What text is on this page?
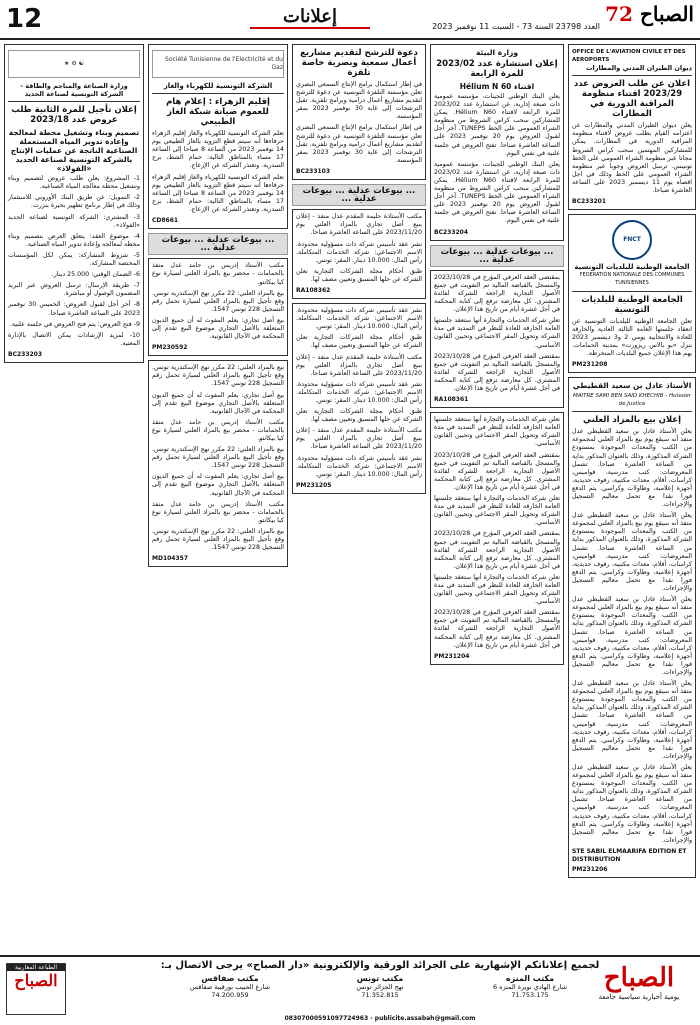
12	إعلانات	الصباح 72
العدد 23798 السنة 73 - السبت 11 نوفمبر 2023
OFFICE DE L'AVIATION CIVILE ET DES AEROPORTS
ديوان الطيران المدني والمطارات
اعلان عن طلب العروض عدد 2023/29 اقتناء منظومة المراقبة الدورية في المطارات

يعلن ديوان الطيران المدني والمطارات عن اعتزامه القيام بطلب عروض لاقتناء منظومة المراقبة الدورية في المطارات. يمكن للمشاركين المهتمين سحب كراس الشروط مجانا عبر منظومة الشراء العمومي على الخط تونيبس. ترسل العروض وجوبا عبر منظومة الشراء العمومي على الخط وذلك في اجل اقصاه يوم 11 ديسمبر 2023 على الساعة العاشرة صباحا.

BC233201
FNCT
الجامعة الوطنية للبلديات التونسية
FEDERATION NATIONALE DES COMMUNES TUNISIENNES
الجامعة الوطنية للبلديات التونسية

تعلن الجامعة الوطنية للبلديات التونسية عن انعقاد جلستها العامة الثالثة العادية والخارقة للعادة والانتخابية يومي 2 و3 ديسمبر 2023 بنزل «بو بالاس ريزورت» بمدينة الحمامات. يهم هذا الإعلان جميع البلديات المنخرطة.

PM231208
الأستاذ عادل بن سعيد القطيطي
MAITRE SAMI BEN SAID KHECHIB - Huissier de Justice
إعلان بيع بالمزاد العلني

يعلن الأستاذ عادل بن سعيد القطيطي عدل منفذ أنه سيقع يوم بيع بالمزاد العلني لمجموعة من الكتب والمعدات الموجودة بمستودع الشركة المذكورة، وذلك بالعنوان المذكور بداية من الساعة العاشرة صباحا. تشمل المعروضات: كتب مدرسية، قواميس، كراسات، أقلام، معدات مكتبية، رفوف حديدية، أجهزة إعلامية، وطاولات وكراسي. يتم الدفع فورا نقدا مع تحمل معاليم التسجيل والإجراءات.

يعلن الأستاذ عادل بن سعيد القطيطي عدل منفذ أنه سيقع يوم بيع بالمزاد العلني لمجموعة من الكتب والمعدات الموجودة بمستودع الشركة المذكورة، وذلك بالعنوان المذكور بداية من الساعة العاشرة صباحا. تشمل المعروضات: كتب مدرسية، قواميس، كراسات، أقلام، معدات مكتبية، رفوف حديدية، أجهزة إعلامية، وطاولات وكراسي. يتم الدفع فورا نقدا مع تحمل معاليم التسجيل والإجراءات.

يعلن الأستاذ عادل بن سعيد القطيطي عدل منفذ أنه سيقع يوم بيع بالمزاد العلني لمجموعة من الكتب والمعدات الموجودة بمستودع الشركة المذكورة، وذلك بالعنوان المذكور بداية من الساعة العاشرة صباحا. تشمل المعروضات: كتب مدرسية، قواميس، كراسات، أقلام، معدات مكتبية، رفوف حديدية، أجهزة إعلامية، وطاولات وكراسي. يتم الدفع فورا نقدا مع تحمل معاليم التسجيل والإجراءات.

يعلن الأستاذ عادل بن سعيد القطيطي عدل منفذ أنه سيقع يوم بيع بالمزاد العلني لمجموعة من الكتب والمعدات الموجودة بمستودع الشركة المذكورة، وذلك بالعنوان المذكور بداية من الساعة العاشرة صباحا. تشمل المعروضات: كتب مدرسية، قواميس، كراسات، أقلام، معدات مكتبية، رفوف حديدية، أجهزة إعلامية، وطاولات وكراسي. يتم الدفع فورا نقدا مع تحمل معاليم التسجيل والإجراءات.

يعلن الأستاذ عادل بن سعيد القطيطي عدل منفذ أنه سيقع يوم بيع بالمزاد العلني لمجموعة من الكتب والمعدات الموجودة بمستودع الشركة المذكورة، وذلك بالعنوان المذكور بداية من الساعة العاشرة صباحا. تشمل المعروضات: كتب مدرسية، قواميس، كراسات، أقلام، معدات مكتبية، رفوف حديدية، أجهزة إعلامية، وطاولات وكراسي. يتم الدفع فورا نقدا مع تحمل معاليم التسجيل والإجراءات.

STE SABIL ELMAARIFA EDITION ET DISTRIBUTION
PM231206
وزارة البيئة
إعلان استشارة عدد 2023/02 للمرة الرابعة
اقتناء 60 Hélium N

يعلن البنك الوطني للجينات، مؤسسة عمومية ذات صبغة إدارية، عن استشارة عدد 2023/02 للمرة الرابعة لاقتناء Hélium N60. يمكن للمشاركين سحب كراس الشروط من منظومة الشراء العمومي على الخط TUNEPS. آخر أجل لقبول العروض يوم 20 نوفمبر 2023 على الساعة العاشرة صباحا. تفتح العروض في جلسة علنية في نفس اليوم.

يعلن البنك الوطني للجينات، مؤسسة عمومية ذات صبغة إدارية، عن استشارة عدد 2023/02 للمرة الرابعة لاقتناء Hélium N60. يمكن للمشاركين سحب كراس الشروط من منظومة الشراء العمومي على الخط TUNEPS. آخر أجل لقبول العروض يوم 20 نوفمبر 2023 على الساعة العاشرة صباحا. تفتح العروض في جلسة علنية في نفس اليوم.

BC233204
... بيوعات عدلية ... بيوعات عدلية ...

بمقتضى العقد العرفي المؤرخ في 2023/10/28 والمسجل بالقباضة المالية تم التفويت في جميع الأصول التجارية الراجعة للشركة لفائدة المشتري. كل معارضة ترفع إلى كتابة المحكمة في أجل عشرة أيام من تاريخ هذا الإعلان.

تعلن شركة الخدمات والتجارة أنها ستعقد جلستها العامة الخارقة للعادة للنظر في التمديد في مدة الشركة وتحويل المقر الاجتماعي وتحيين القانون الأساسي.

بمقتضى العقد العرفي المؤرخ في 2023/10/28 والمسجل بالقباضة المالية تم التفويت في جميع الأصول التجارية الراجعة للشركة لفائدة المشتري. كل معارضة ترفع إلى كتابة المحكمة في أجل عشرة أيام من تاريخ هذا الإعلان.

RA108361

تعلن شركة الخدمات والتجارة أنها ستعقد جلستها العامة الخارقة للعادة للنظر في التمديد في مدة الشركة وتحويل المقر الاجتماعي وتحيين القانون الأساسي.

بمقتضى العقد العرفي المؤرخ في 2023/10/28 والمسجل بالقباضة المالية تم التفويت في جميع الأصول التجارية الراجعة للشركة لفائدة المشتري. كل معارضة ترفع إلى كتابة المحكمة في أجل عشرة أيام من تاريخ هذا الإعلان.

تعلن شركة الخدمات والتجارة أنها ستعقد جلستها العامة الخارقة للعادة للنظر في التمديد في مدة الشركة وتحويل المقر الاجتماعي وتحيين القانون الأساسي.

بمقتضى العقد العرفي المؤرخ في 2023/10/28 والمسجل بالقباضة المالية تم التفويت في جميع الأصول التجارية الراجعة للشركة لفائدة المشتري. كل معارضة ترفع إلى كتابة المحكمة في أجل عشرة أيام من تاريخ هذا الإعلان.

تعلن شركة الخدمات والتجارة أنها ستعقد جلستها العامة الخارقة للعادة للنظر في التمديد في مدة الشركة وتحويل المقر الاجتماعي وتحيين القانون الأساسي.

بمقتضى العقد العرفي المؤرخ في 2023/10/28 والمسجل بالقباضة المالية تم التفويت في جميع الأصول التجارية الراجعة للشركة لفائدة المشتري. كل معارضة ترفع إلى كتابة المحكمة في أجل عشرة أيام من تاريخ هذا الإعلان.

PM231204
دعوة للترشح لتقديم مشاريع أعمال سمعية وبصرية خاصة تلفزة

في إطار استكمال برامج الإنتاج السمعي البصري تعلن مؤسسة التلفزة التونسية عن دعوة للترشح لتقديم مشاريع أعمال درامية وبرامج تلفزية. تقبل الترشحات إلى غاية 30 نوفمبر 2023 بمقر المؤسسة.

في إطار استكمال برامج الإنتاج السمعي البصري تعلن مؤسسة التلفزة التونسية عن دعوة للترشح لتقديم مشاريع أعمال درامية وبرامج تلفزية. تقبل الترشحات إلى غاية 30 نوفمبر 2023 بمقر المؤسسة.

BC233103
... بيوعات عدلية ... بيوعات عدلية ...

مكتب الأستاذة حليمة المقدم عدل منفذ - إعلان ببيع أصل تجاري بالمزاد العلني يوم 2023/11/20 على الساعة العاشرة صباحا.

نشر عقد تأسيس شركة ذات مسؤولية محدودة. الاسم الاجتماعي: شركة الخدمات المتكاملة. رأس المال: 10.000 دينار. المقر: تونس.

طبق أحكام مجلة الشركات التجارية تعلن الشركة عن حلها المسبق وتعيين مصف لها.

RA108362

نشر عقد تأسيس شركة ذات مسؤولية محدودة. الاسم الاجتماعي: شركة الخدمات المتكاملة. رأس المال: 10.000 دينار. المقر: تونس.

طبق أحكام مجلة الشركات التجارية تعلن الشركة عن حلها المسبق وتعيين مصف لها.

مكتب الأستاذة حليمة المقدم عدل منفذ - إعلان ببيع أصل تجاري بالمزاد العلني يوم 2023/11/20 على الساعة العاشرة صباحا.

نشر عقد تأسيس شركة ذات مسؤولية محدودة. الاسم الاجتماعي: شركة الخدمات المتكاملة. رأس المال: 10.000 دينار. المقر: تونس.

طبق أحكام مجلة الشركات التجارية تعلن الشركة عن حلها المسبق وتعيين مصف لها.

مكتب الأستاذة حليمة المقدم عدل منفذ - إعلان ببيع أصل تجاري بالمزاد العلني يوم 2023/11/20 على الساعة العاشرة صباحا.

نشر عقد تأسيس شركة ذات مسؤولية محدودة. الاسم الاجتماعي: شركة الخدمات المتكاملة. رأس المال: 10.000 دينار. المقر: تونس.

PM231205
Société Tunisienne de l'Electricité et du Gaz
الشركة التونسية للكهرباء والغاز
إقليم الزهراء : إعلام هام للعموم صيانة شبكة الغاز الطبيعي

تعلم الشركة التونسية للكهرباء والغاز إقليم الزهراء حرفاءها أنه سيتم قطع التزويد بالغاز الطبيعي يوم 14 نوفمبر 2023 من الساعة 8 صباحا إلى الساعة 17 مساء بالمناطق التالية: حمام الشط، برج السدرية. وتعتذر الشركة عن الإزعاج.

تعلم الشركة التونسية للكهرباء والغاز إقليم الزهراء حرفاءها أنه سيتم قطع التزويد بالغاز الطبيعي يوم 14 نوفمبر 2023 من الساعة 8 صباحا إلى الساعة 17 مساء بالمناطق التالية: حمام الشط، برج السدرية. وتعتذر الشركة عن الإزعاج.

CD8661
... بيوعات عدلية ... بيوعات عدلية ...

مكتب الأستاذ إدريس بن حامد عدل منفذ بالحمامات - محضر بيع بالمزاد العلني لسيارة نوع كيا بيكانتو.

بيع بالمزاد العلني: 22 مكرر نهج الإسكندرية تونس. وقع تأجيل البيع بالمزاد العلني لسيارة تحمل رقم التسجيل 228 تونس 1547.

بيع أصل تجاري: يعلم المفوت له أن جميع الديون المتعلقة بالأصل التجاري موضوع البيع تقدم إلى المحكمة في الآجال القانونية.

PM230592

بيع بالمزاد العلني: 22 مكرر نهج الإسكندرية تونس. وقع تأجيل البيع بالمزاد العلني لسيارة تحمل رقم التسجيل 228 تونس 1547.

بيع أصل تجاري: يعلم المفوت له أن جميع الديون المتعلقة بالأصل التجاري موضوع البيع تقدم إلى المحكمة في الآجال القانونية.

مكتب الأستاذ إدريس بن حامد عدل منفذ بالحمامات - محضر بيع بالمزاد العلني لسيارة نوع كيا بيكانتو.

بيع بالمزاد العلني: 22 مكرر نهج الإسكندرية تونس. وقع تأجيل البيع بالمزاد العلني لسيارة تحمل رقم التسجيل 228 تونس 1547.

بيع أصل تجاري: يعلم المفوت له أن جميع الديون المتعلقة بالأصل التجاري موضوع البيع تقدم إلى المحكمة في الآجال القانونية.

مكتب الأستاذ إدريس بن حامد عدل منفذ بالحمامات - محضر بيع بالمزاد العلني لسيارة نوع كيا بيكانتو.

بيع بالمزاد العلني: 22 مكرر نهج الإسكندرية تونس. وقع تأجيل البيع بالمزاد العلني لسيارة تحمل رقم التسجيل 228 تونس 1547.

MD104357
☯ ⚙ ★
وزارة الصناعة والمناجم والطاقة - الشركة التونسية لصناعة الحديد
إعلان تأجيل للمرة الثانية طلب عروض عدد 2023/18
تصميم وبناء وتشغيل محطة لمعالجة وإعادة تدوير المياه المستعملة الصناعية الناتجة عن عمليات الإنتاج بالشركة التونسية لصناعة الحديد «الفولاذ»

1- المشروع: يعلن طلب عروض لتصميم وبناء وتشغيل محطة معالجة المياه الصناعية.

2- التمويل: عن طريق البنك الأوروبي للاستثمار وذلك في إطار برنامج تطهير بحيرة بنزرت.

3- المشتري: الشركة التونسية لصناعة الحديد «الفولاذ».

4- موضوع العقد: يتعلق العرض بتصميم وبناء محطة لمعالجة وإعادة تدوير المياه الصناعية.

5- شروط المشاركة: يمكن لكل المؤسسات المختصة المشاركة.

6- الضمان الوقتي: 25.000 دينار.

7- طريقة الإرسال: ترسل العروض عبر البريد المضمون الوصول أو مباشرة.

8- آخر أجل لقبول العروض: الخميس 30 نوفمبر 2023 على الساعة العاشرة صباحا.

9- فتح العروض: يتم فتح العروض في جلسة علنية.

10- لمزيد الإرشادات يمكن الاتصال بالإدارة المعنية.

BC233203
لجميع إعلاناتكم الإشهارية على الجرائد الورقية والإلكترونية «دار الصباح» يرجى الاتصال بـ: الصباح
يومية أخبارية سياسية جامعة
مكتب المنزه
شارع الهادي نويرة المنزه 6
71.753.175
مكتب تونس
نهج الجزائر تونس
71.352.815
مكتب صفاقس
شارع الحبيب بورقيبة صفاقس
74.200.959
الطباعة المغاربية
الصباح
08307000591097724963 - publicite.assabah@gmail.com
